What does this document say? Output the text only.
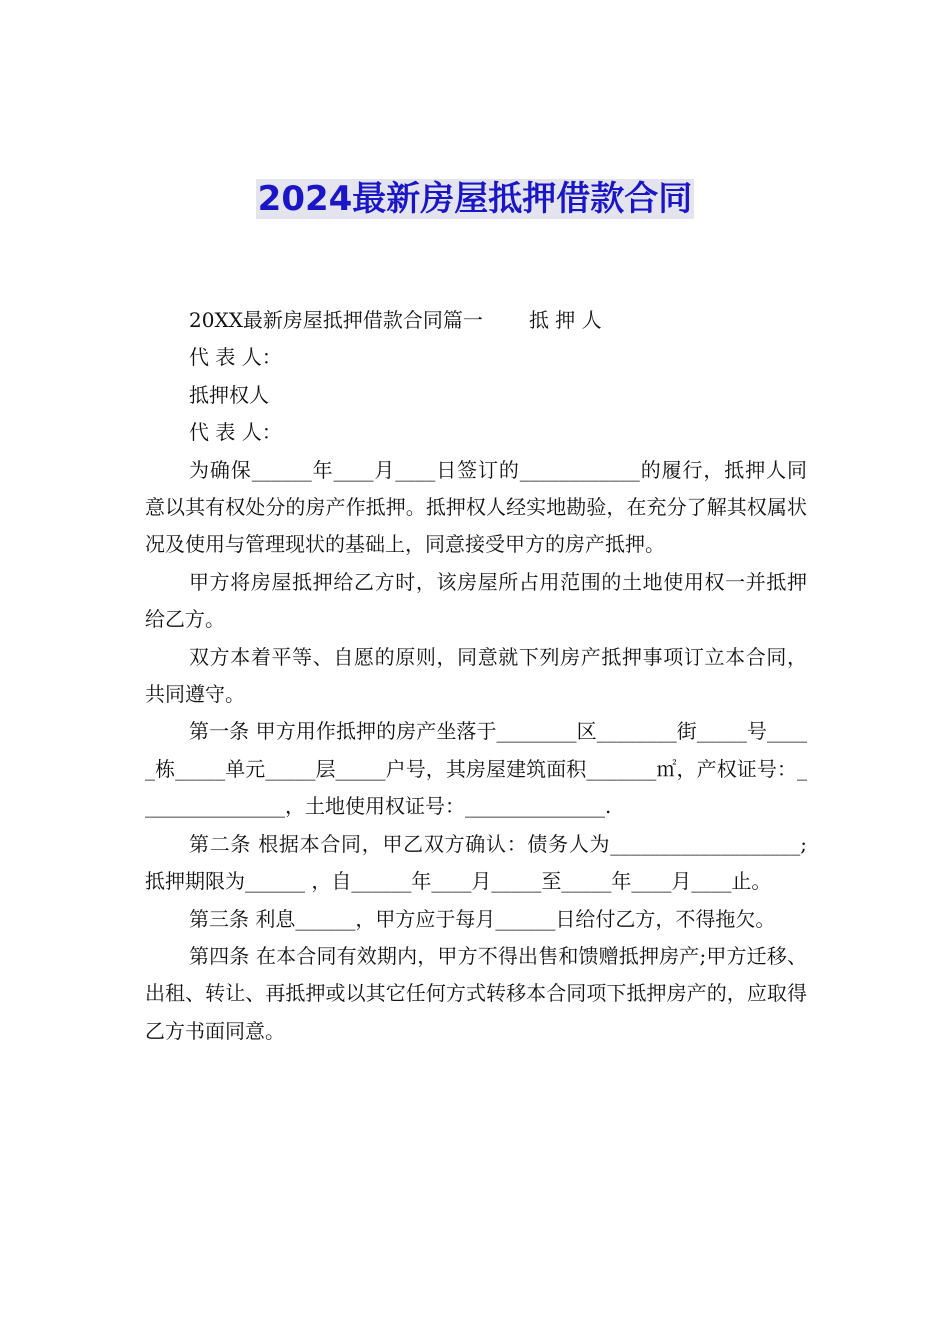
2024最新房屋抵押借款合同

20XX最新房屋抵押借款合同篇一 抵 押 人

代 表 人：

抵押权人

代 表 人：

为确保______年____月____日签订的____________的履行，抵押人同意以其有权处分的房产作抵押。抵押权人经实地勘验，在充分了解其权属状况及使用与管理现状的基础上，同意接受甲方的房产抵押。

甲方将房屋抵押给乙方时，该房屋所占用范围的土地使用权一并抵押给乙方。

双方本着平等、自愿的原则，同意就下列房产抵押事项订立本合同，共同遵守。

第一条 甲方用作抵押的房产坐落于________区________街_____号_____栋_____单元_____层_____户号，其房屋建筑面积_______㎡，产权证号：_______________，土地使用权证号：______________.

第二条 根据本合同，甲乙双方确认：债务人为___________________;抵押期限为______ ，自______年____月_____至_____年____月____止。

第三条 利息______，甲方应于每月______日给付乙方，不得拖欠。

第四条 在本合同有效期内，甲方不得出售和馈赠抵押房产;甲方迁移、出租、转让、再抵押或以其它任何方式转移本合同项下抵押房产的，应取得乙方书面同意。
